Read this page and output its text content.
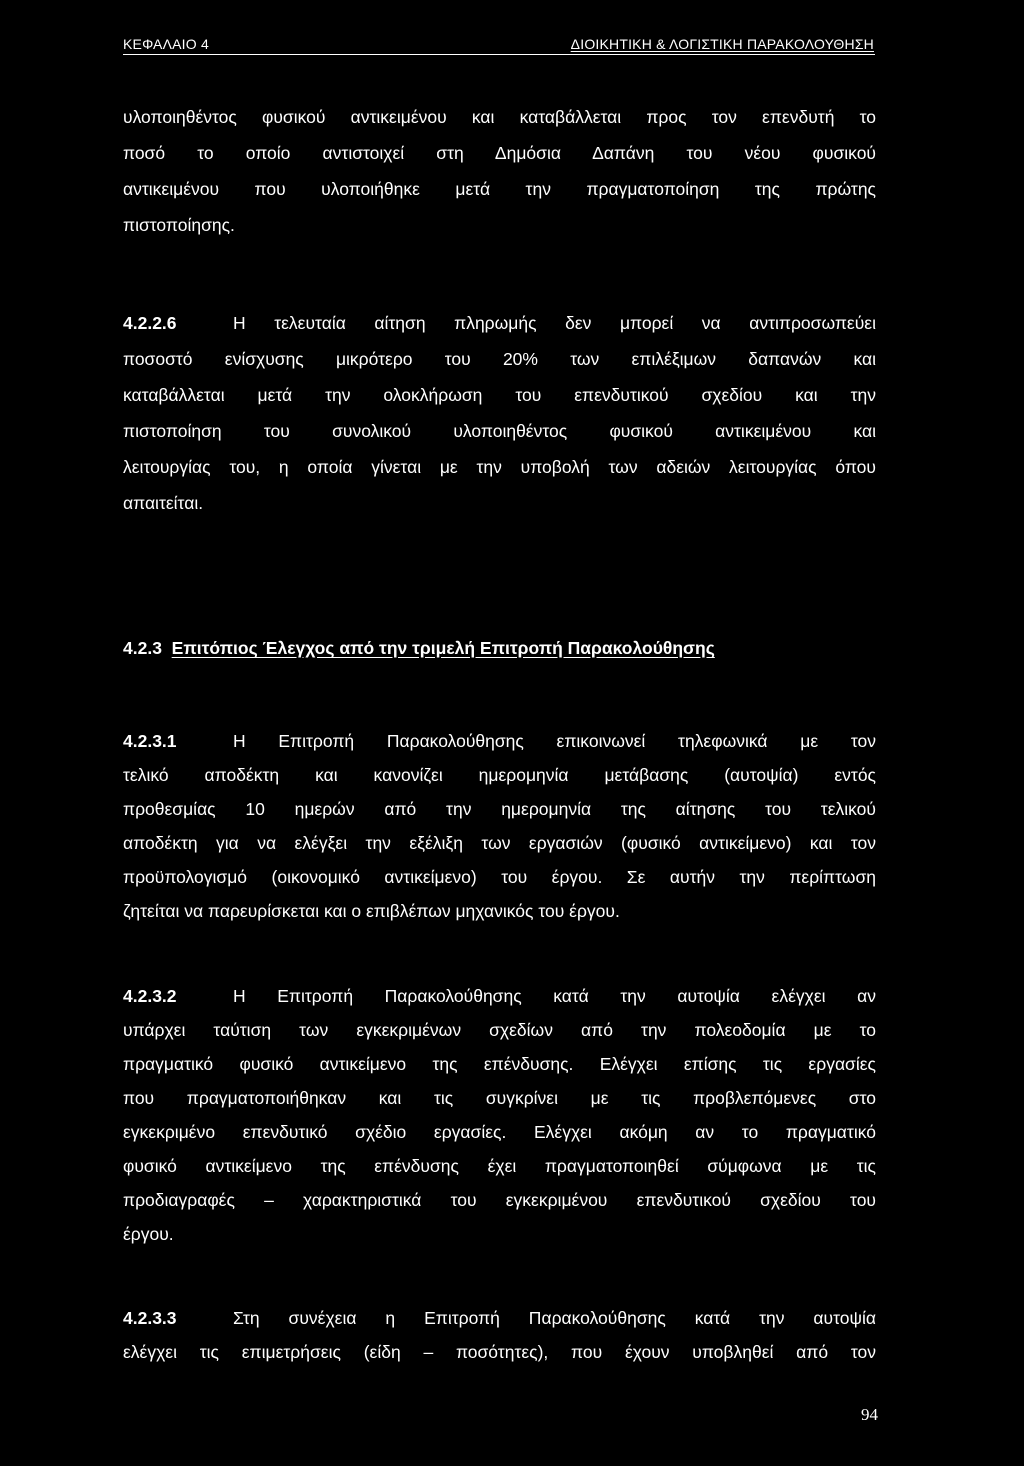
ΚΕΦΑΛΑΙΟ 4	ΔΙΟΙΚΗΤΙΚΗ & ΛΟΓΙΣΤΙΚΗ ΠΑΡΑΚΟΛΟΥΘΗΣΗ
υλοποιηθέντος φυσικού αντικειμένου και καταβάλλεται προς τον επενδυτή το
ποσό το οποίο αντιστοιχεί στη Δημόσια Δαπάνη του νέου φυσικού
αντικειμένου που υλοποιήθηκε μετά την πραγματοποίηση της πρώτης
πιστοποίησης.
4.2.2.6	Η τελευταία αίτηση πληρωμής δεν μπορεί να αντιπροσωπεύει
ποσοστό ενίσχυσης μικρότερο του 20% των επιλέξιμων δαπανών και
καταβάλλεται μετά την ολοκλήρωση του επενδυτικού σχεδίου και την
πιστοποίηση του συνολικού υλοποιηθέντος φυσικού αντικειμένου και
λειτουργίας του, η οποία γίνεται με την υποβολή των αδειών λειτουργίας όπου
απαιτείται.
4.2.3 Επιτόπιος Έλεγχος από την τριμελή Επιτροπή Παρακολούθησης
4.2.3.1	Η Επιτροπή Παρακολούθησης επικοινωνεί τηλεφωνικά με τον
τελικό αποδέκτη και κανονίζει ημερομηνία μετάβασης (αυτοψία) εντός
προθεσμίας 10 ημερών από την ημερομηνία της αίτησης του τελικού
αποδέκτη για να ελέγξει την εξέλιξη των εργασιών (φυσικό αντικείμενο) και τον
προϋπολογισμό (οικονομικό αντικείμενο) του έργου. Σε αυτήν την περίπτωση
ζητείται να παρευρίσκεται και ο επιβλέπων μηχανικός του έργου.
4.2.3.2	Η Επιτροπή Παρακολούθησης κατά την αυτοψία ελέγχει αν
υπάρχει ταύτιση των εγκεκριμένων σχεδίων από την πολεοδομία με το
πραγματικό φυσικό αντικείμενο της επένδυσης. Ελέγχει επίσης τις εργασίες
που πραγματοποιήθηκαν και τις συγκρίνει με τις προβλεπόμενες στο
εγκεκριμένο επενδυτικό σχέδιο εργασίες. Ελέγχει ακόμη αν το πραγματικό
φυσικό αντικείμενο της επένδυσης έχει πραγματοποιηθεί σύμφωνα με τις
προδιαγραφές – χαρακτηριστικά του εγκεκριμένου επενδυτικού σχεδίου του
έργου.
4.2.3.3	Στη συνέχεια η Επιτροπή Παρακολούθησης κατά την αυτοψία
ελέγχει τις επιμετρήσεις (είδη – ποσότητες), που έχουν υποβληθεί από τον
94
